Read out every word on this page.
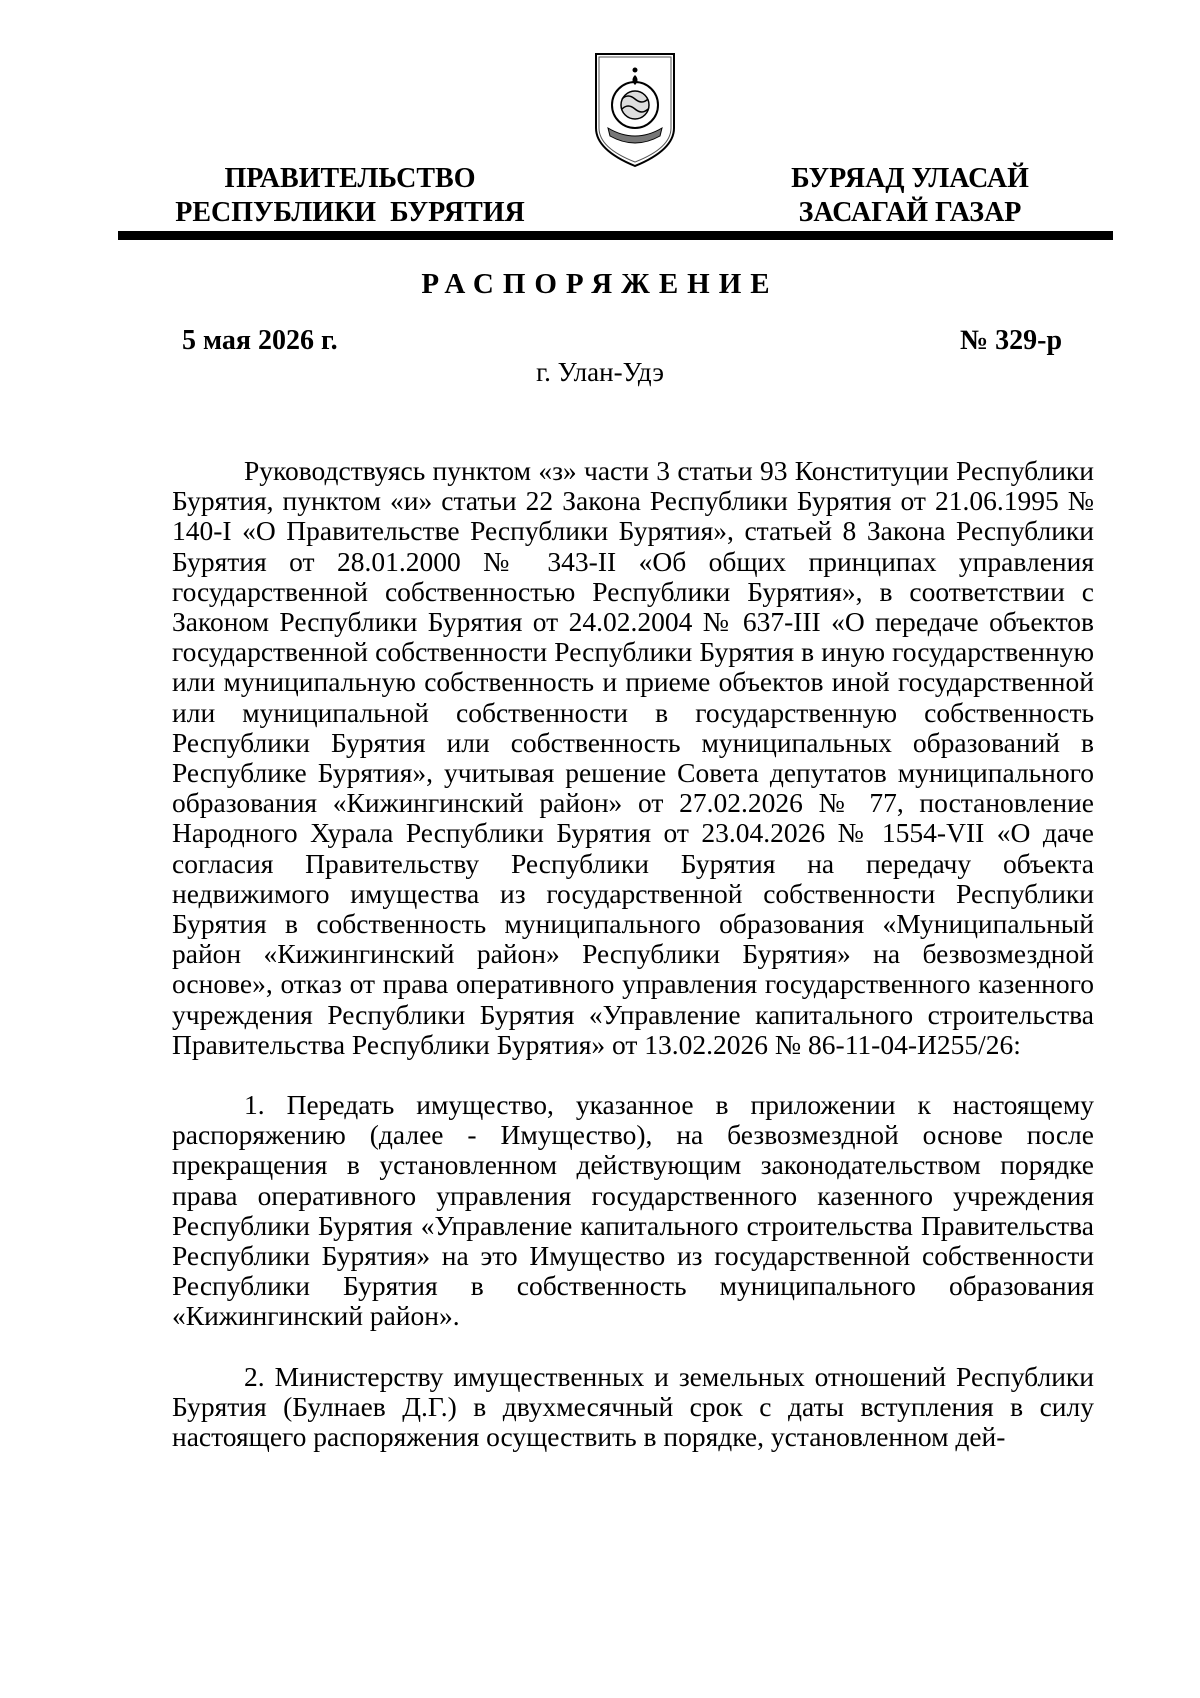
ПРАВИТЕЛЬСТВО
РЕСПУБЛИКИ  БУРЯТИЯ
БУРЯАД УЛАСАЙ
ЗАСАГАЙ ГАЗАР
РАСПОРЯЖЕНИЕ
5 мая 2026 г.	№ 329-р
г. Улан-Удэ

Руководствуясь пунктом «з» части 3 статьи 93 Конституции Республики Бурятия, пунктом «и» статьи 22 Закона Республики Бурятия от 21.06.1995 № 140-I «О Правительстве Республики Бурятия», статьей 8 Закона Республики Бурятия от 28.01.2000 № 343-II «Об общих принципах управления государственной собственностью Республики Бурятия», в соответствии с Законом Республики Бурятия от 24.02.2004 № 637-III «О передаче объектов государственной собственности Республики Бурятия в иную государственную или муниципальную собственность и приеме объектов иной государственной или муниципальной собственности в государственную собственность Республики Бурятия или собственность муниципальных образований в Республике Бурятия», учитывая решение Совета депутатов муниципального образования «Кижингинский район» от 27.02.2026 № 77, постановление Народного Хурала Республики Бурятия от 23.04.2026 № 1554-VII «О даче согласия Правительству Республики Бурятия на передачу объекта недвижимого имущества из государственной собственности Республики Бурятия в собственность муниципального образования «Муниципальный район «Кижингинский район» Республики Бурятия» на безвозмездной основе», отказ от права оперативного управления государственного казенного учреждения Республики Бурятия «Управление капитального строительства Правительства Республики Бурятия» от 13.02.2026 № 86-11-04-И255/26:

1. Передать имущество, указанное в приложении к настоящему распоряжению (далее - Имущество), на безвозмездной основе после прекращения в установленном действующим законодательством порядке права оперативного управления государственного казенного учреждения Республики Бурятия «Управление капитального строительства Правительства Республики Бурятия» на это Имущество из государственной собственности Республики Бурятия в собственность муниципального образования «Кижингинский район».

2. Министерству имущественных и земельных отношений Республики Бурятия (Булнаев Д.Г.) в двухмесячный срок с даты вступления в силу настоящего распоряжения осуществить в порядке, установленном дей-
